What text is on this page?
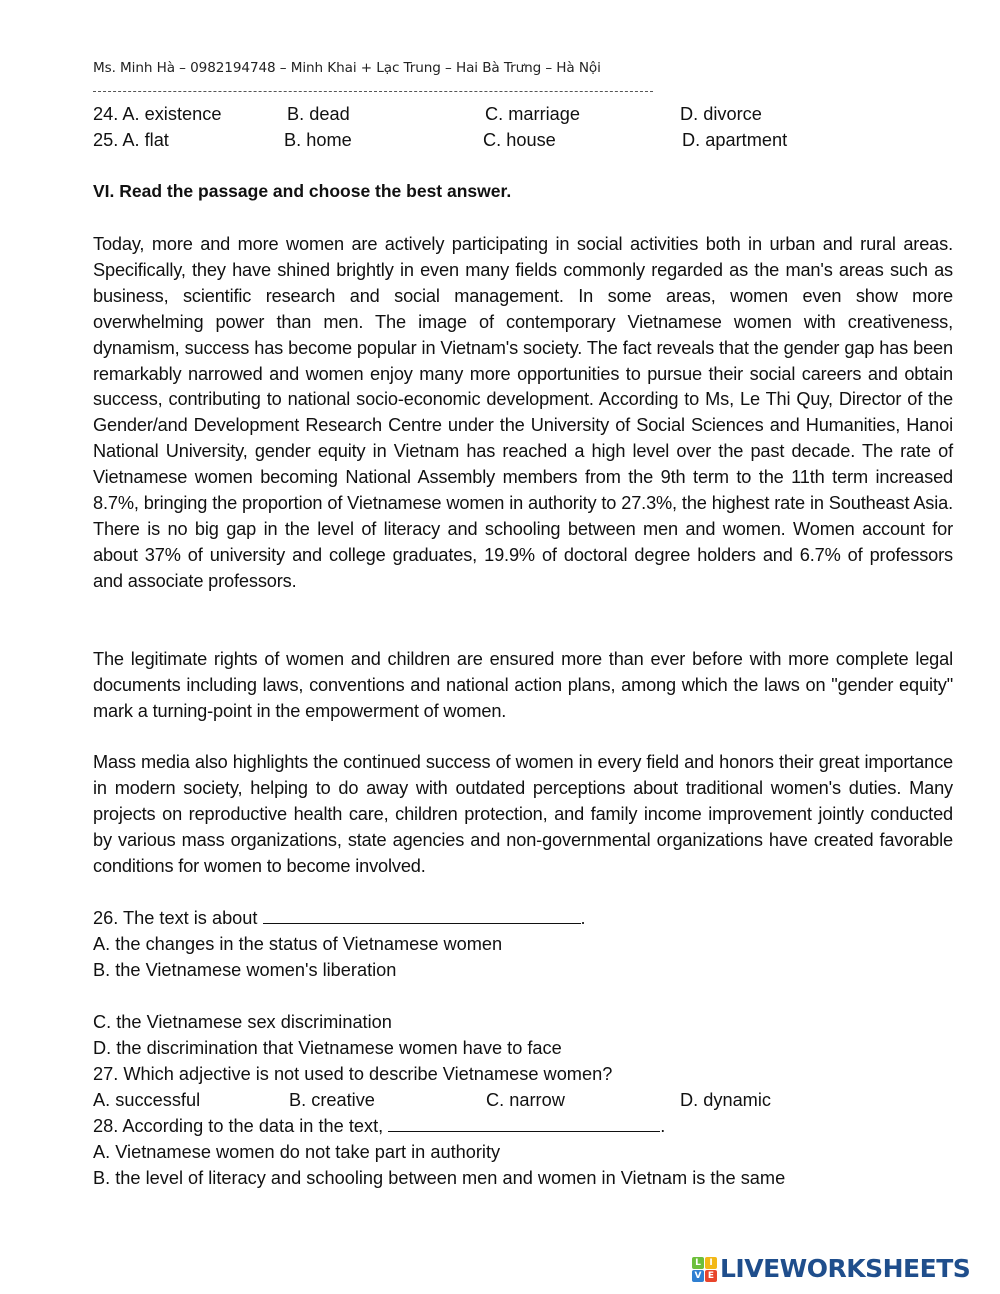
Ms. Minh Hà – 0982194748 – Minh Khai + Lạc Trung – Hai Bà Trưng – Hà Nội
24. A. existence	B. dead	C. marriage	D. divorce
25. A. flat	B. home	C. house	D. apartment
VI. Read the passage and choose the best answer.
Today, more and more women are actively participating in social activities both in urban and rural areas. Specifically, they have shined brightly in even many fields commonly regarded as the man's areas such as business, scientific research and social management. In some areas, women even show more overwhelming power than men. The image of contemporary Vietnamese women with creativeness, dynamism, success has become popular in Vietnam's society. The fact reveals that the gender gap has been remarkably narrowed and women enjoy many more opportunities to pursue their social careers and obtain success, contributing to national socio-economic development. According to Ms, Le Thi Quy, Director of the Gender/and Development Research Centre under the University of Social Sciences and Humanities, Hanoi National University, gender equity in Vietnam has reached a high level over the past decade. The rate of Vietnamese women becoming National Assembly members from the 9th term to the 11th term increased 8.7%, bringing the proportion of Vietnamese women in authority to 27.3%, the highest rate in Southeast Asia. There is no big gap in the level of literacy and schooling between men and women. Women account for about 37% of university and college graduates, 19.9% of doctoral degree holders and 6.7% of professors and associate professors.
The legitimate rights of women and children are ensured more than ever before with more complete legal documents including laws, conventions and national action plans, among which the laws on "gender equity" mark a turning-point in the empowerment of women.
Mass media also highlights the continued success of women in every field and honors their great importance in modern society, helping to do away with outdated perceptions about traditional women's duties. Many projects on reproductive health care, children protection, and family income improvement jointly conducted by various mass organizations, state agencies and non-governmental organizations have created favorable conditions for women to become involved.
26. The text is about	.
A. the changes in the status of Vietnamese women
B. the Vietnamese women's liberation
C. the Vietnamese sex discrimination
D. the discrimination that Vietnamese women have to face
27. Which adjective is not used to describe Vietnamese women?
A. successful	B. creative	C. narrow	D. dynamic
28. According to the data in the text,	.
A. Vietnamese women do not take part in authority
B. the level of literacy and schooling between men and women in Vietnam is the same
L I
V E LIVEWORKSHEETS
